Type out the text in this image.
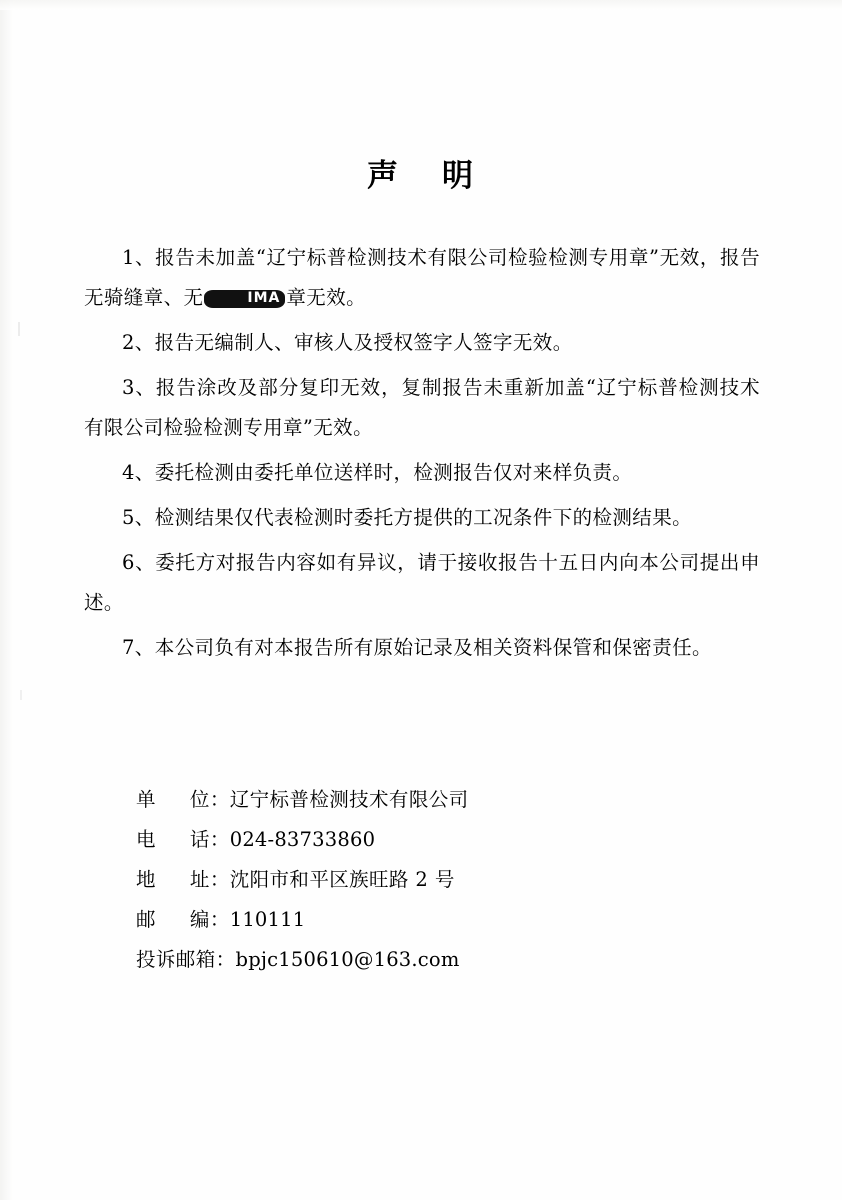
声 明
1、报告未加盖“辽宁标普检测技术有限公司检验检测专用章”无效，报告无骑缝章、无	IMA 章无效。
2、报告无编制人、审核人及授权签字人签字无效。
3、报告涂改及部分复印无效，复制报告未重新加盖“辽宁标普检测技术有限公司检验检测专用章”无效。
4、委托检测由委托单位送样时，检测报告仅对来样负责。
5、检测结果仅代表检测时委托方提供的工况条件下的检测结果。
6、委托方对报告内容如有异议，请于接收报告十五日内向本公司提出申述。
7、本公司负有对本报告所有原始记录及相关资料保管和保密责任。
单 位：辽宁标普检测技术有限公司
电 话：024-83733860
地 址：沈阳市和平区族旺路 2 号
邮 编：110111
投诉邮箱：bpjc150610@163.com
